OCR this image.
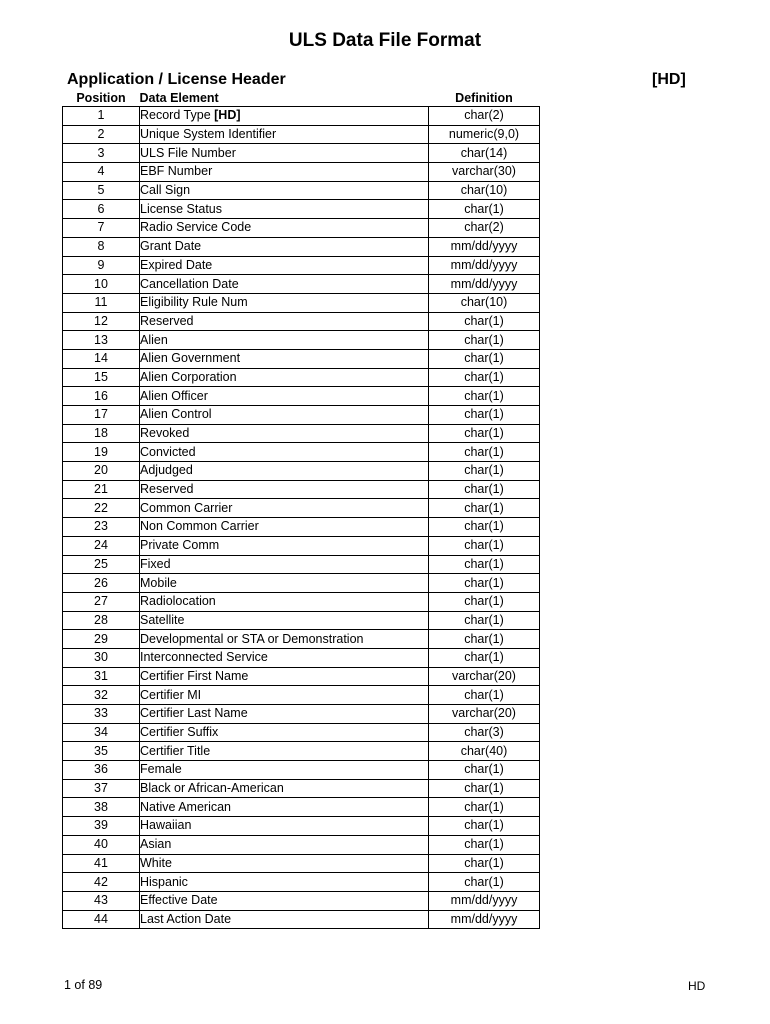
ULS Data File Format
Application / License Header	[HD]
Position	Data Element	Definition
1	Record Type [HD]	char(2)
2	Unique System Identifier	numeric(9,0)
3	ULS File Number	char(14)
4	EBF Number	varchar(30)
5	Call Sign	char(10)
6	License Status	char(1)
7	Radio Service Code	char(2)
8	Grant Date	mm/dd/yyyy
9	Expired Date	mm/dd/yyyy
10	Cancellation Date	mm/dd/yyyy
11	Eligibility Rule Num	char(10)
12	Reserved	char(1)
13	Alien	char(1)
14	Alien Government	char(1)
15	Alien Corporation	char(1)
16	Alien Officer	char(1)
17	Alien Control	char(1)
18	Revoked	char(1)
19	Convicted	char(1)
20	Adjudged	char(1)
21	Reserved	char(1)
22	Common Carrier	char(1)
23	Non Common Carrier	char(1)
24	Private Comm	char(1)
25	Fixed	char(1)
26	Mobile	char(1)
27	Radiolocation	char(1)
28	Satellite	char(1)
29	Developmental or STA or Demonstration	char(1)
30	Interconnected Service	char(1)
31	Certifier First Name	varchar(20)
32	Certifier MI	char(1)
33	Certifier Last Name	varchar(20)
34	Certifier Suffix	char(3)
35	Certifier Title	char(40)
36	Female	char(1)
37	Black or African-American	char(1)
38	Native American	char(1)
39	Hawaiian	char(1)
40	Asian	char(1)
41	White	char(1)
42	Hispanic	char(1)
43	Effective Date	mm/dd/yyyy
44	Last Action Date	mm/dd/yyyy
1 of 89	HD
